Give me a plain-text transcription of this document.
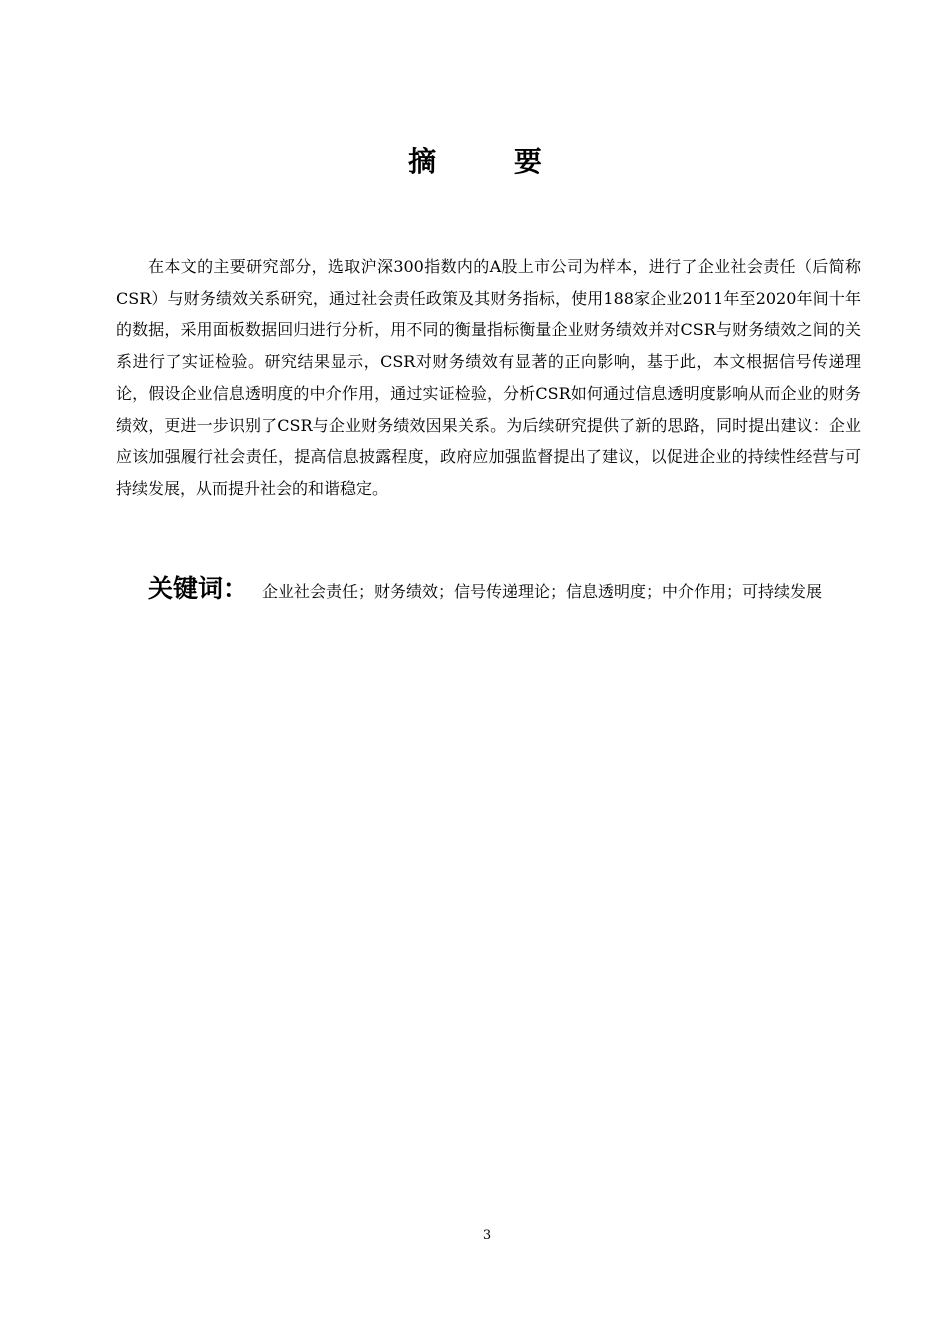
摘 要

在本文的主要研究部分，选取沪深300指数内的A股上市公司为样本，进行了企业社会责任（后简称CSR）与财务绩效关系研究，通过社会责任政策及其财务指标，使用188家企业2011年至2020年间十年的数据，采用面板数据回归进行分析，用不同的衡量指标衡量企业财务绩效并对CSR与财务绩效之间的关系进行了实证检验。研究结果显示，CSR对财务绩效有显著的正向影响，基于此，本文根据信号传递理论，假设企业信息透明度的中介作用，通过实证检验，分析CSR如何通过信息透明度影响从而企业的财务绩效，更进一步识别了CSR与企业财务绩效因果关系。为后续研究提供了新的思路，同时提出建议：企业应该加强履行社会责任，提高信息披露程度，政府应加强监督提出了建议，以促进企业的持续性经营与可持续发展，从而提升社会的和谐稳定。

关键词： 企业社会责任；财务绩效；信号传递理论；信息透明度；中介作用；可持续发展

3
